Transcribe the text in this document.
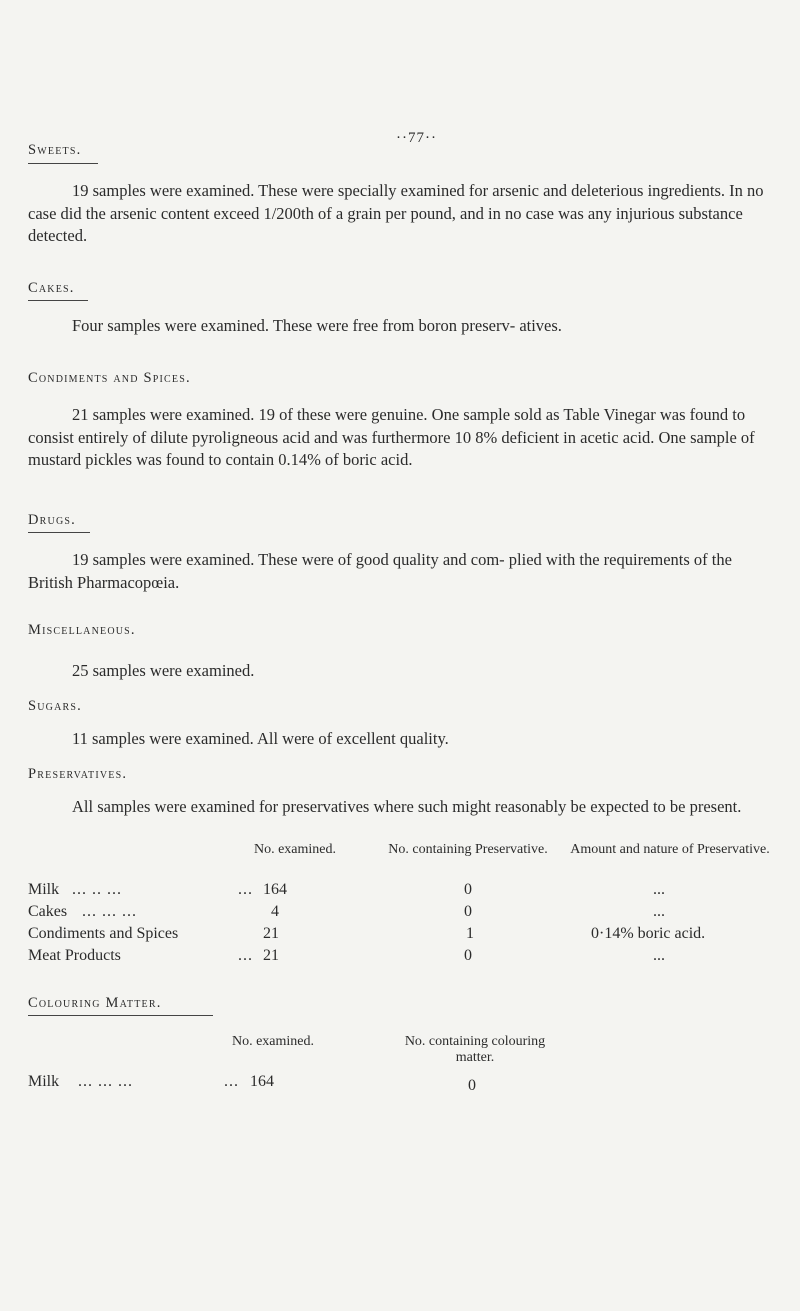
··77··
Sweets.
19 samples were examined. These were specially examined for arsenic and deleterious ingredients. In no case did the arsenic content exceed 1/200th of a grain per pound, and in no case was any injurious substance detected.
Cakes.
Four samples were examined. These were free from boron preserv- atives.
Condiments and Spices.
21 samples were examined. 19 of these were genuine. One sample sold as Table Vinegar was found to consist entirely of dilute pyroligneous acid and was furthermore 10 8% deficient in acetic acid. One sample of mustard pickles was found to contain 0.14% of boric acid.
Drugs.
19 samples were examined. These were of good quality and com- plied with the requirements of the British Pharmacopœia.
Miscellaneous.
25 samples were examined.
Sugars.
11 samples were examined. All were of excellent quality.
Preservatives.
All samples were examined for preservatives where such might reasonably be expected to be present.
No. examined.	No. containing Preservative.	Amount and nature of Preservative.
Milk ... .. ...	... 164	0	...
Cakes ... ... ...	4	0	...
Condiments and Spices	21	1	0·14% boric acid.
Meat Products	... 21	0	...
Colouring Matter.
No. examined.	No. containing colouring matter.
Milk ... ... ...	... 164	0
